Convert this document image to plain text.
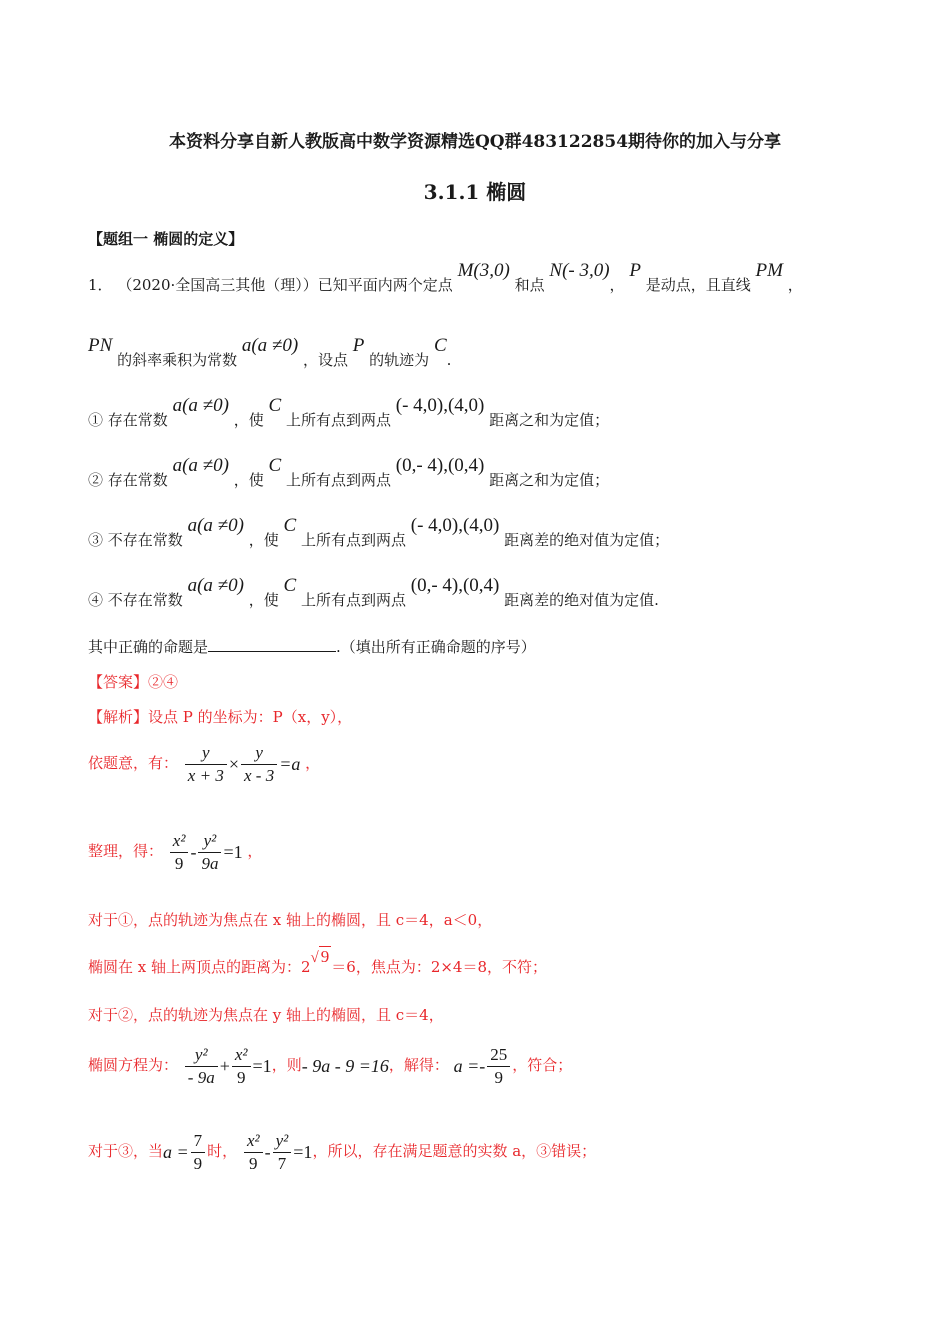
本资料分享自新人教版高中数学资源精选QQ群483122854期待你的加入与分享
3.1.1 椭圆
【题组一 椭圆的定义】
1． （2020·全国高三其他（理））已知平面内两个定点 M(3,0) 和点 N(- 3,0)， P 是动点，且直线 PM ，
PN 的斜率乘积为常数 a(a ≠0) ，设点 P 的轨迹为 C.
① 存在常数 a(a ≠0) ，使 C 上所有点到两点 (- 4,0),(4,0) 距离之和为定值；
② 存在常数 a(a ≠0) ，使 C 上所有点到两点 (0,- 4),(0,4) 距离之和为定值；
③ 不存在常数 a(a ≠0) ，使 C 上所有点到两点 (- 4,0),(4,0) 距离差的绝对值为定值；
④ 不存在常数 a(a ≠0) ，使 C 上所有点到两点 (0,- 4),(0,4) 距离差的绝对值为定值.
其中正确的命题是	.（填出所有正确命题的序号）
【答案】②④
【解析】设点 P 的坐标为：P（x，y），
依题意，有： $\frac{y}{x + 3} \times \frac{y}{x - 3} =a$ ，
整理，得： $\frac{\text{x²}}{9} - \frac{\text{y²}}{9a} =1$ ，
对于①，点的轨迹为焦点在 x 轴上的椭圆，且 c＝4，a＜0，
椭圆在 x 轴上两顶点的距离为：2√ 9＝6，焦点为：2×4＝8，不符；
对于②，点的轨迹为焦点在 y 轴上的椭圆，且 c＝4，
椭圆方程为： $\frac{\text{y²}}{- 9a} + \frac{\text{x²}}{9} =1$，则- 9a - 9 =16，解得： $a =- \frac{25}{9}$ ，符合；
对于③，当$a = \frac{7}{9}$ 时， $\frac{\text{x²}}{9} - \frac{\text{y²}}{7} =1$，所以，存在满足题意的实数 a，③错误；
